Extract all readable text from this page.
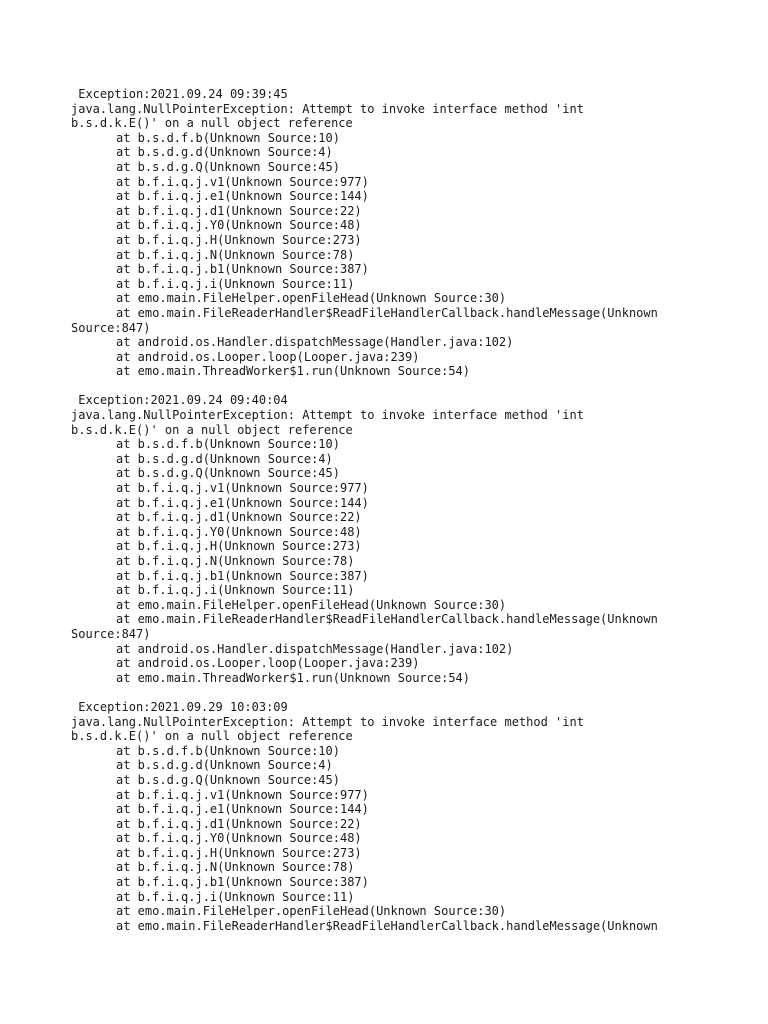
Exception:2021.09.24 09:39:45
java.lang.NullPointerException: Attempt to invoke interface method 'int
b.s.d.k.E()' on a null object reference
at b.s.d.f.b(Unknown Source:10)
at b.s.d.g.d(Unknown Source:4)
at b.s.d.g.Q(Unknown Source:45)
at b.f.i.q.j.v1(Unknown Source:977)
at b.f.i.q.j.e1(Unknown Source:144)
at b.f.i.q.j.d1(Unknown Source:22)
at b.f.i.q.j.Y0(Unknown Source:48)
at b.f.i.q.j.H(Unknown Source:273)
at b.f.i.q.j.N(Unknown Source:78)
at b.f.i.q.j.b1(Unknown Source:387)
at b.f.i.q.j.i(Unknown Source:11)
at emo.main.FileHelper.openFileHead(Unknown Source:30)
at emo.main.FileReaderHandler$ReadFileHandlerCallback.handleMessage(Unknown
Source:847)
at android.os.Handler.dispatchMessage(Handler.java:102)
at android.os.Looper.loop(Looper.java:239)
at emo.main.ThreadWorker$1.run(Unknown Source:54)
Exception:2021.09.24 09:40:04
java.lang.NullPointerException: Attempt to invoke interface method 'int
b.s.d.k.E()' on a null object reference
at b.s.d.f.b(Unknown Source:10)
at b.s.d.g.d(Unknown Source:4)
at b.s.d.g.Q(Unknown Source:45)
at b.f.i.q.j.v1(Unknown Source:977)
at b.f.i.q.j.e1(Unknown Source:144)
at b.f.i.q.j.d1(Unknown Source:22)
at b.f.i.q.j.Y0(Unknown Source:48)
at b.f.i.q.j.H(Unknown Source:273)
at b.f.i.q.j.N(Unknown Source:78)
at b.f.i.q.j.b1(Unknown Source:387)
at b.f.i.q.j.i(Unknown Source:11)
at emo.main.FileHelper.openFileHead(Unknown Source:30)
at emo.main.FileReaderHandler$ReadFileHandlerCallback.handleMessage(Unknown
Source:847)
at android.os.Handler.dispatchMessage(Handler.java:102)
at android.os.Looper.loop(Looper.java:239)
at emo.main.ThreadWorker$1.run(Unknown Source:54)
Exception:2021.09.29 10:03:09
java.lang.NullPointerException: Attempt to invoke interface method 'int
b.s.d.k.E()' on a null object reference
at b.s.d.f.b(Unknown Source:10)
at b.s.d.g.d(Unknown Source:4)
at b.s.d.g.Q(Unknown Source:45)
at b.f.i.q.j.v1(Unknown Source:977)
at b.f.i.q.j.e1(Unknown Source:144)
at b.f.i.q.j.d1(Unknown Source:22)
at b.f.i.q.j.Y0(Unknown Source:48)
at b.f.i.q.j.H(Unknown Source:273)
at b.f.i.q.j.N(Unknown Source:78)
at b.f.i.q.j.b1(Unknown Source:387)
at b.f.i.q.j.i(Unknown Source:11)
at emo.main.FileHelper.openFileHead(Unknown Source:30)
at emo.main.FileReaderHandler$ReadFileHandlerCallback.handleMessage(Unknown
